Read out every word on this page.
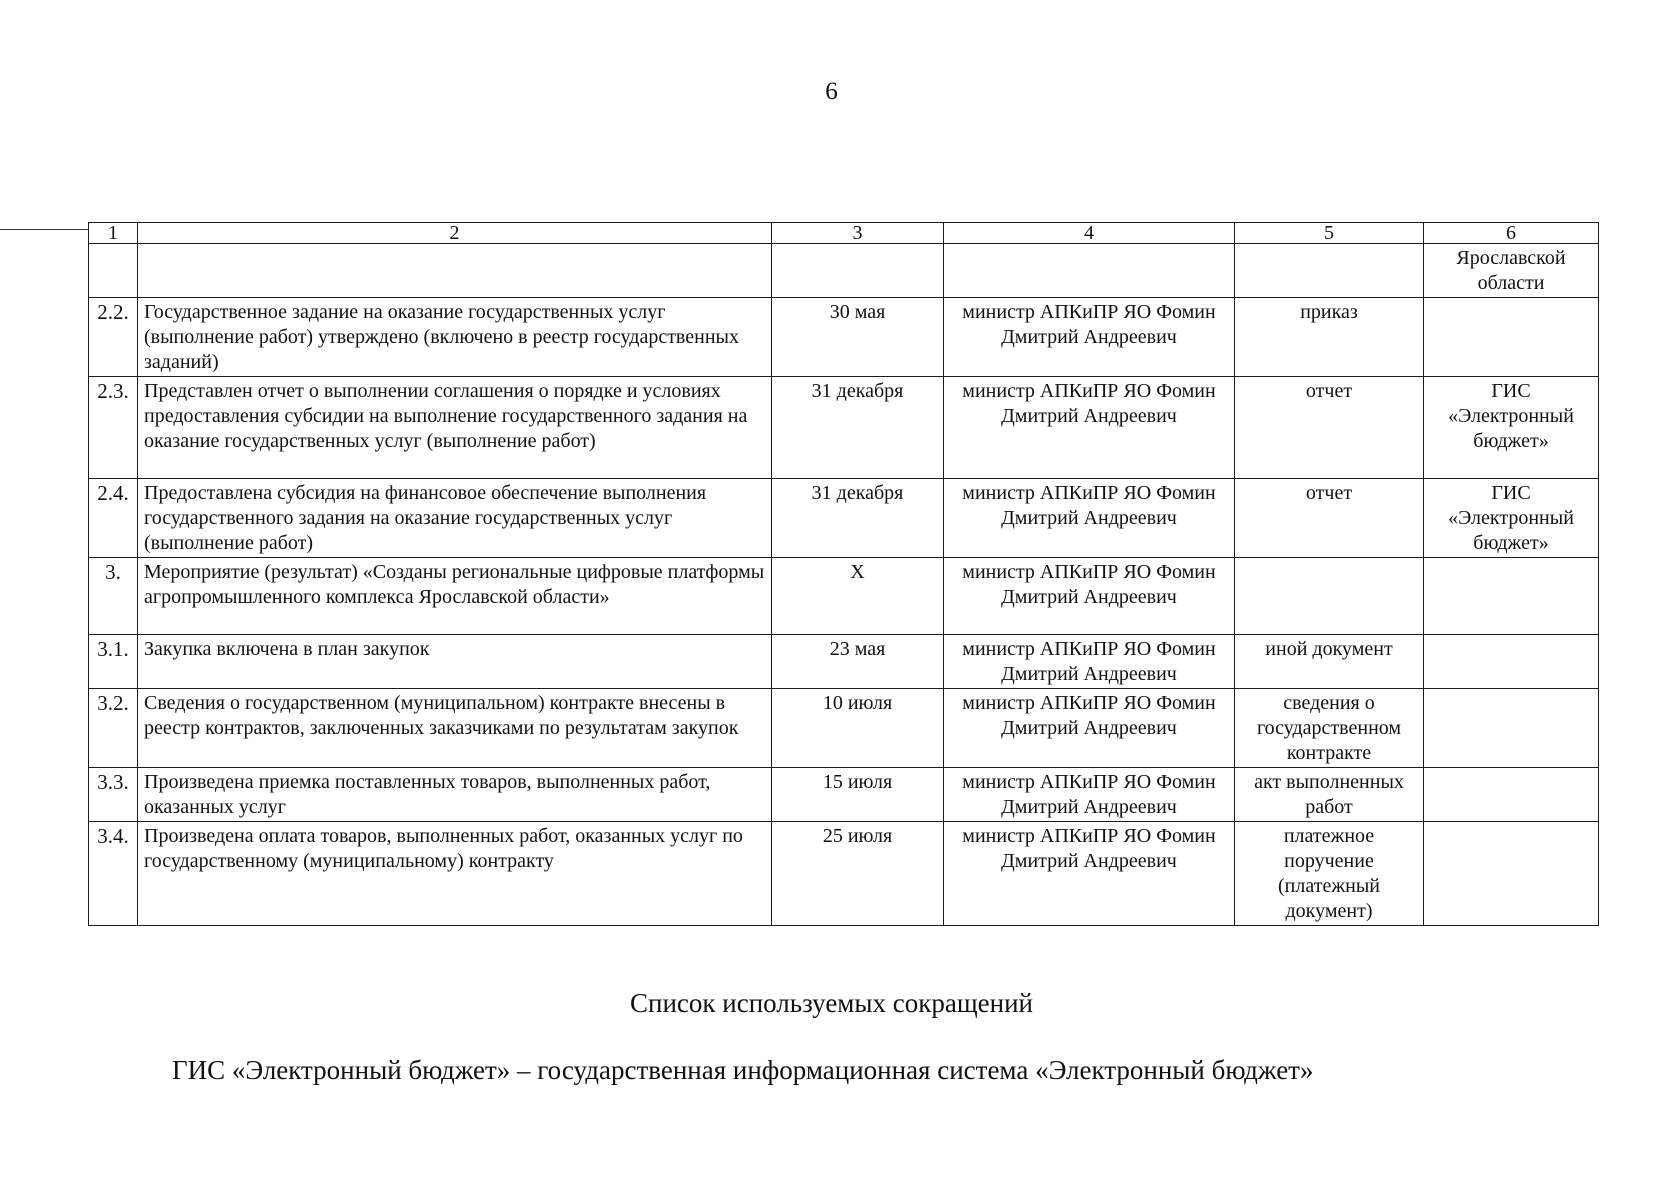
6
1	2	3	4	5	6
					Ярославской области
2.2.	Государственное задание на оказание государственных услуг (выполнение работ) утверждено (включено в реестр государственных заданий)	30 мая	министр АПКиПР ЯО Фомин Дмитрий Андреевич	приказ	
2.3.	Представлен отчет о выполнении соглашения о порядке и условиях предоставления субсидии на выполнение государственного задания на оказание государственных услуг (выполнение работ)	31 декабря	министр АПКиПР ЯО Фомин Дмитрий Андреевич	отчет	ГИС «Электронный бюджет»
2.4.	Предоставлена субсидия на финансовое обеспечение выполнения государственного задания на оказание государственных услуг (выполнение работ)	31 декабря	министр АПКиПР ЯО Фомин Дмитрий Андреевич	отчет	ГИС «Электронный бюджет»
3.	Мероприятие (результат) «Созданы региональные цифровые платформы агропромышленного комплекса Ярославской области»	Х	министр АПКиПР ЯО Фомин Дмитрий Андреевич		
3.1.	Закупка включена в план закупок	23 мая	министр АПКиПР ЯО Фомин Дмитрий Андреевич	иной документ	
3.2.	Сведения о государственном (муниципальном) контракте внесены в реестр контрактов, заключенных заказчиками по результатам закупок	10 июля	министр АПКиПР ЯО Фомин Дмитрий Андреевич	сведения о государственном контракте	
3.3.	Произведена приемка поставленных товаров, выполненных работ, оказанных услуг	15 июля	министр АПКиПР ЯО Фомин Дмитрий Андреевич	акт выполненных работ	
3.4.	Произведена оплата товаров, выполненных работ, оказанных услуг по государственному (муниципальному) контракту	25 июля	министр АПКиПР ЯО Фомин Дмитрий Андреевич	платежное поручение (платежный документ)	
Список используемых сокращений
ГИС «Электронный бюджет» – государственная информационная система «Электронный бюджет»
